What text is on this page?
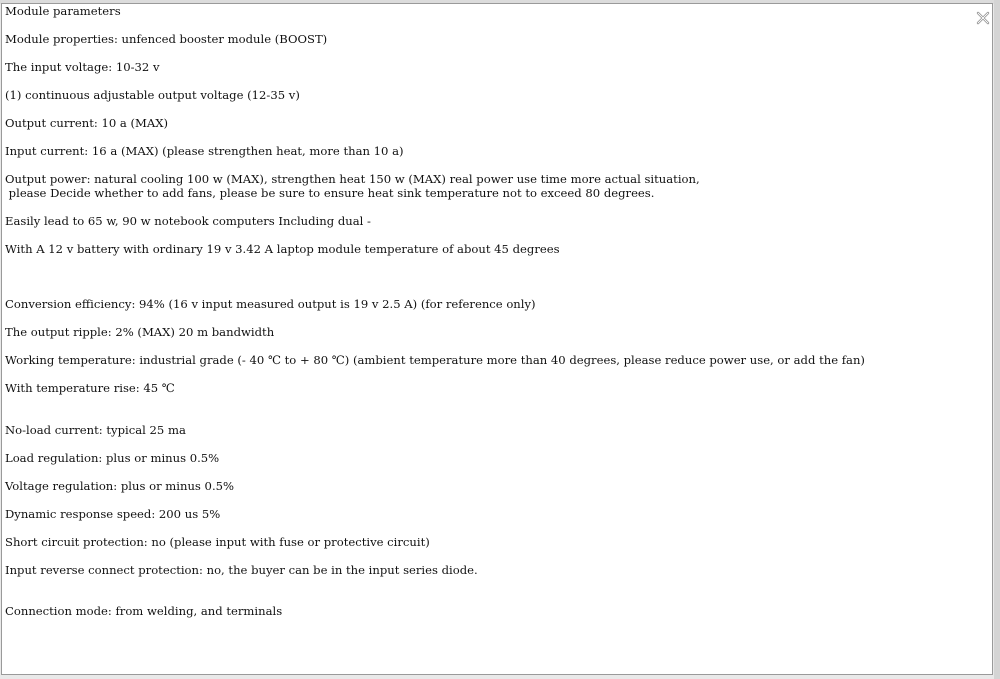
Module parameters

Module properties: unfenced booster module (BOOST)

The input voltage: 10-32 v

(1) continuous adjustable output voltage (12-35 v)

Output current: 10 a (MAX)

Input current: 16 a (MAX) (please strengthen heat, more than 10 a)

Output power: natural cooling 100 w (MAX), strengthen heat 150 w (MAX) real power use time more actual situation,

please Decide whether to add fans, please be sure to ensure heat sink temperature not to exceed 80 degrees.

Easily lead to 65 w, 90 w notebook computers Including dual -

With A 12 v battery with ordinary 19 v 3.42 A laptop module temperature of about 45 degrees

Conversion efficiency: 94% (16 v input measured output is 19 v 2.5 A) (for reference only)

The output ripple: 2% (MAX) 20 m bandwidth

Working temperature: industrial grade (- 40 ℃ to + 80 ℃) (ambient temperature more than 40 degrees, please reduce power use, or add the fan)

With temperature rise: 45 ℃

No-load current: typical 25 ma

Load regulation: plus or minus 0.5%

Voltage regulation: plus or minus 0.5%

Dynamic response speed: 200 us 5%

Short circuit protection: no (please input with fuse or protective circuit)

Input reverse connect protection: no, the buyer can be in the input series diode.

Connection mode: from welding, and terminals
